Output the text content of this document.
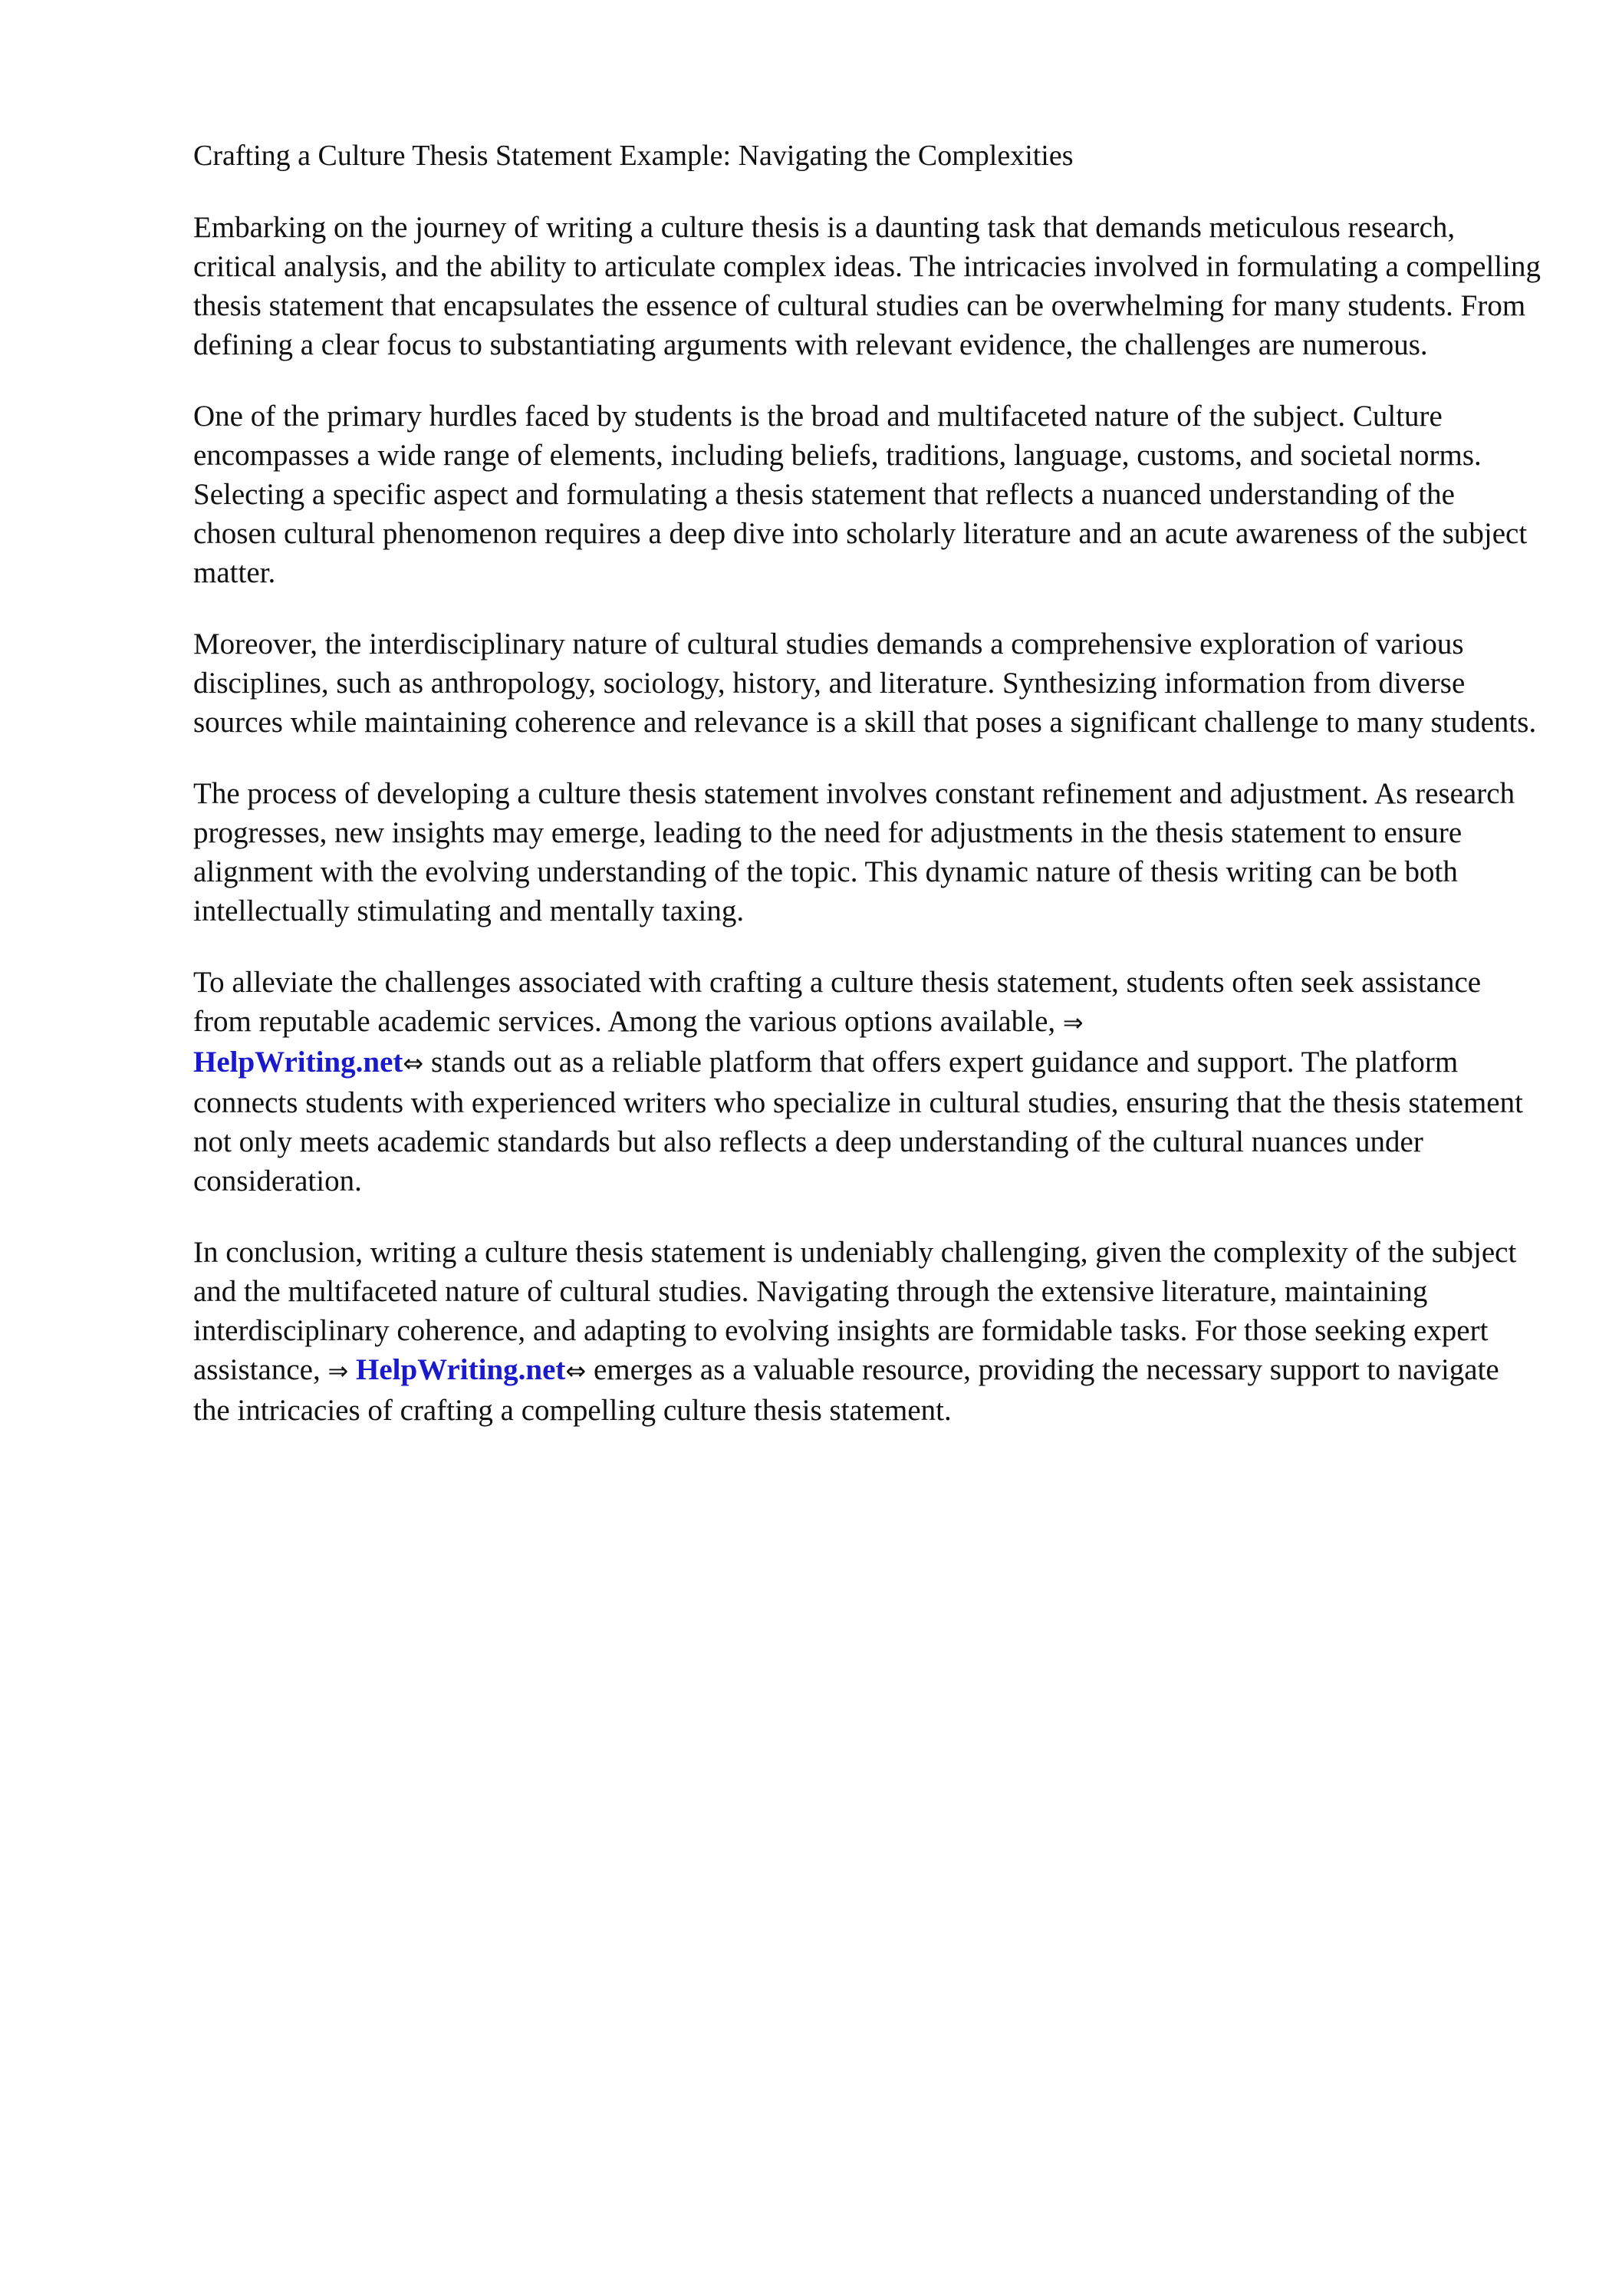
Crafting a Culture Thesis Statement Example: Navigating the Complexities

Embarking on the journey of writing a culture thesis is a daunting task that demands meticulous research, critical analysis, and the ability to articulate complex ideas. The intricacies involved in formulating a compelling thesis statement that encapsulates the essence of cultural studies can be overwhelming for many students. From defining a clear focus to substantiating arguments with relevant evidence, the challenges are numerous.

One of the primary hurdles faced by students is the broad and multifaceted nature of the subject. Culture encompasses a wide range of elements, including beliefs, traditions, language, customs, and societal norms. Selecting a specific aspect and formulating a thesis statement that reflects a nuanced understanding of the chosen cultural phenomenon requires a deep dive into scholarly literature and an acute awareness of the subject matter.

Moreover, the interdisciplinary nature of cultural studies demands a comprehensive exploration of various disciplines, such as anthropology, sociology, history, and literature. Synthesizing information from diverse sources while maintaining coherence and relevance is a skill that poses a significant challenge to many students.

The process of developing a culture thesis statement involves constant refinement and adjustment. As research progresses, new insights may emerge, leading to the need for adjustments in the thesis statement to ensure alignment with the evolving understanding of the topic. This dynamic nature of thesis writing can be both intellectually stimulating and mentally taxing.

To alleviate the challenges associated with crafting a culture thesis statement, students often seek assistance from reputable academic services. Among the various options available, ⇒
HelpWriting.net⇔ stands out as a reliable platform that offers expert guidance and support. The platform connects students with experienced writers who specialize in cultural studies, ensuring that the thesis statement not only meets academic standards but also reflects a deep understanding of the cultural nuances under consideration.

In conclusion, writing a culture thesis statement is undeniably challenging, given the complexity of the subject and the multifaceted nature of cultural studies. Navigating through the extensive literature, maintaining interdisciplinary coherence, and adapting to evolving insights are formidable tasks. For those seeking expert assistance, ⇒ HelpWriting.net⇔ emerges as a valuable resource, providing the necessary support to navigate the intricacies of crafting a compelling culture thesis statement.
